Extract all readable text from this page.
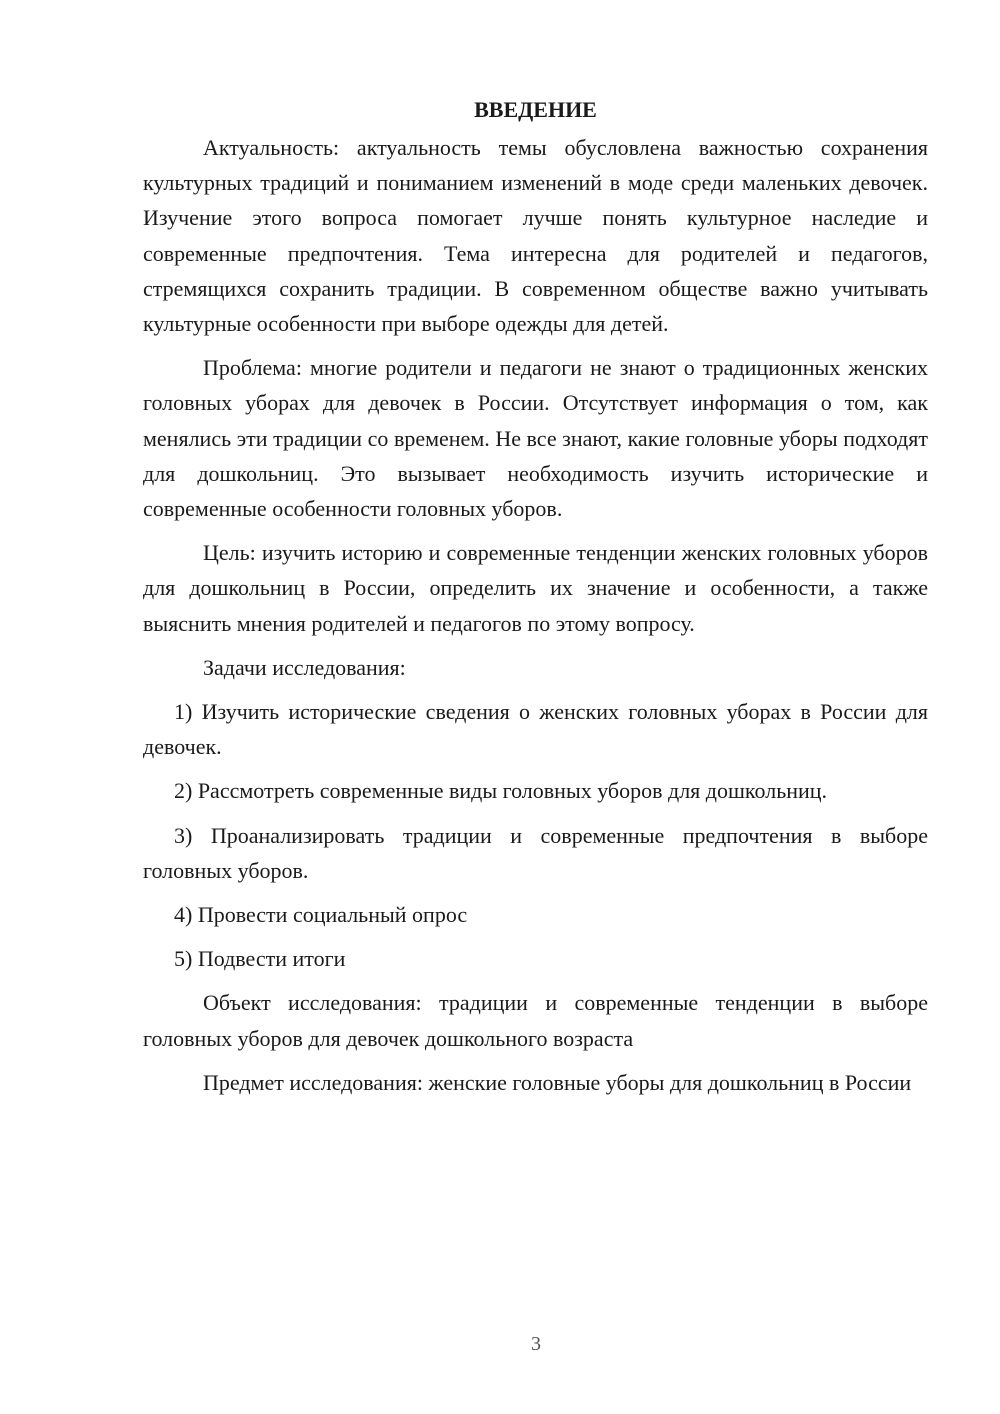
ВВЕДЕНИЕ

Актуальность: актуальность темы обусловлена важностью сохранения культурных традиций и пониманием изменений в моде среди маленьких девочек. Изучение этого вопроса помогает лучше понять культурное наследие и современные предпочтения. Тема интересна для родителей и педагогов, стремящихся сохранить традиции. В современном обществе важно учитывать культурные особенности при выборе одежды для детей.

Проблема: многие родители и педагоги не знают о традиционных женских головных уборах для девочек в России. Отсутствует информация о том, как менялись эти традиции со временем. Не все знают, какие головные уборы подходят для дошкольниц. Это вызывает необходимость изучить исторические и современные особенности головных уборов.

Цель: изучить историю и современные тенденции женских головных уборов для дошкольниц в России, определить их значение и особенности, а также выяснить мнения родителей и педагогов по этому вопросу.

Задачи исследования:

1) Изучить исторические сведения о женских головных уборах в России для девочек.

2) Рассмотреть современные виды головных уборов для дошкольниц.

3) Проанализировать традиции и современные предпочтения в выборе головных уборов.

4) Провести социальный опрос

5) Подвести итоги

Объект исследования: традиции и современные тенденции в выборе головных уборов для девочек дошкольного возраста

Предмет исследования: женские головные уборы для дошкольниц в России

3
